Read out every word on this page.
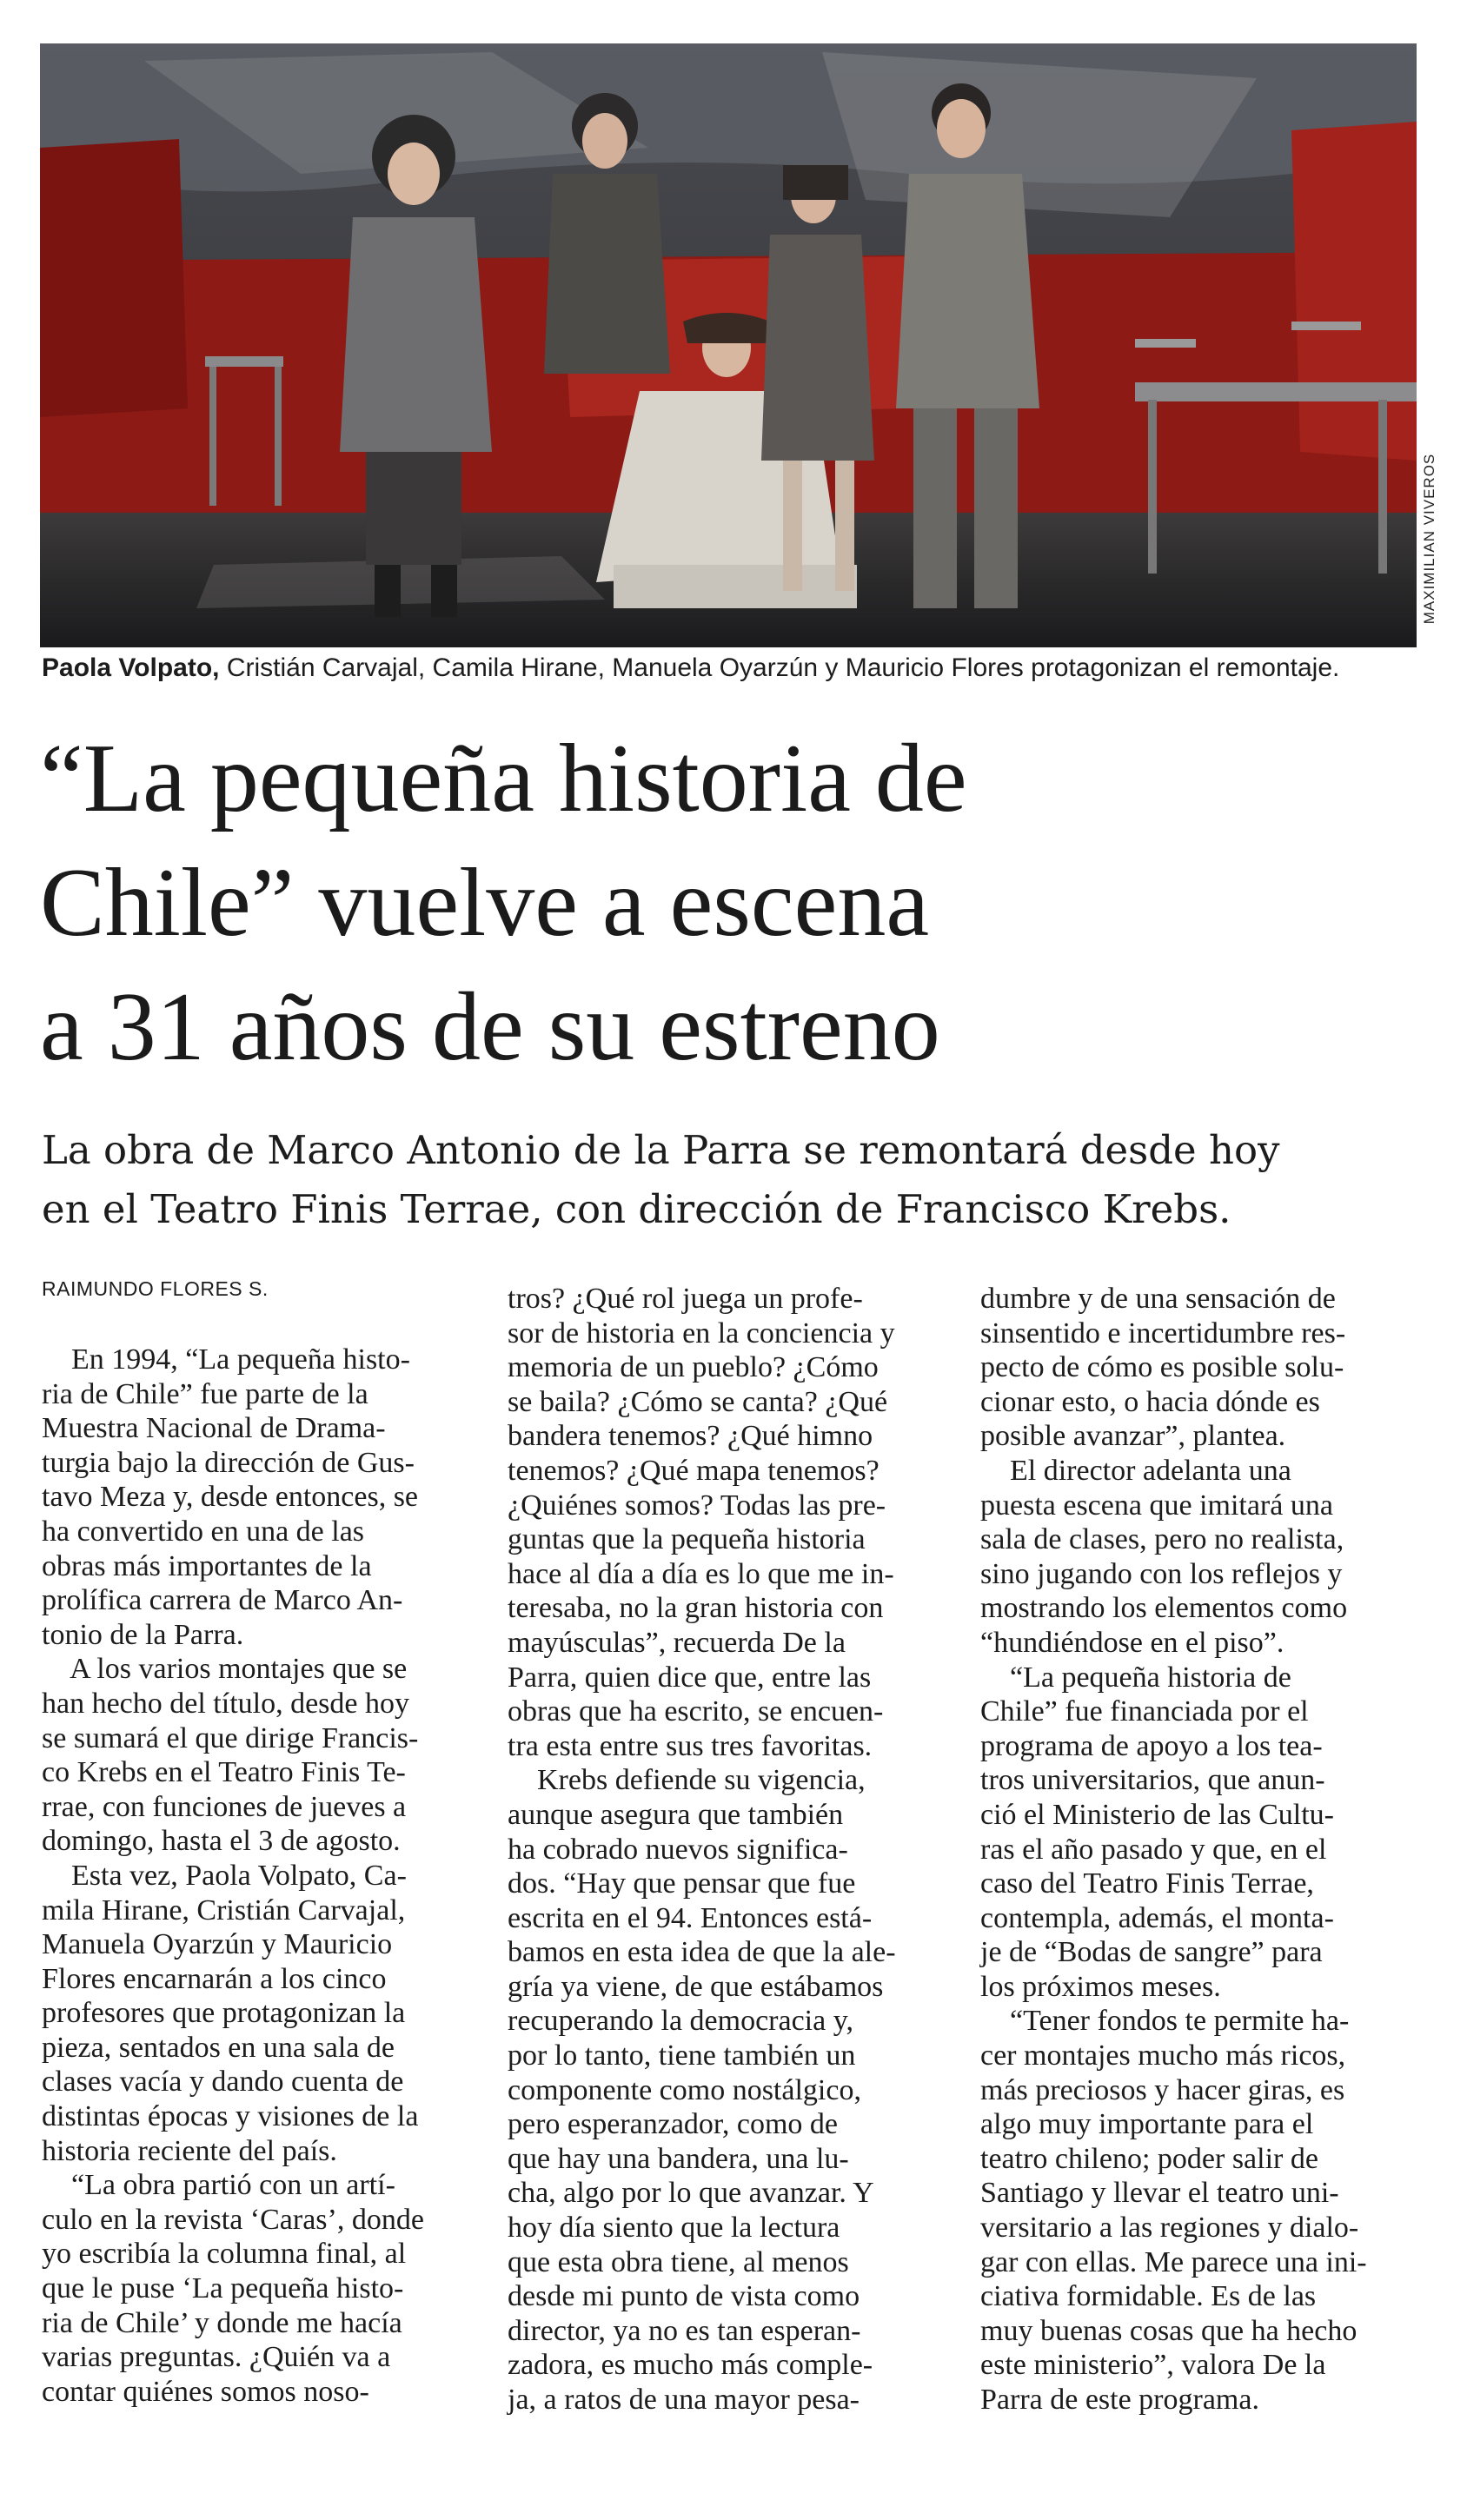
MAXIMILIAN VIVEROS
Paola Volpato, Cristián Carvajal, Camila Hirane, Manuela Oyarzún y Mauricio Flores protagonizan el remontaje.
“La pequeña historia de
Chile” vuelve a escena
a 31 años de su estreno
La obra de Marco Antonio de la Parra se remontará desde hoy
en el Teatro Finis Terrae, con dirección de Francisco Krebs.
RAIMUNDO FLORES S.
En 1994, “La pequeña histo-
ria de Chile” fue parte de la
Muestra Nacional de Drama-
turgia bajo la dirección de Gus-
tavo Meza y, desde entonces, se
ha convertido en una de las
obras más importantes de la
prolífica carrera de Marco An-
tonio de la Parra.
A los varios montajes que se
han hecho del título, desde hoy
se sumará el que dirige Francis-
co Krebs en el Teatro Finis Te-
rrae, con funciones de jueves a
domingo, hasta el 3 de agosto.
Esta vez, Paola Volpato, Ca-
mila Hirane, Cristián Carvajal,
Manuela Oyarzún y Mauricio
Flores encarnarán a los cinco
profesores que protagonizan la
pieza, sentados en una sala de
clases vacía y dando cuenta de
distintas épocas y visiones de la
historia reciente del país.
“La obra partió con un artí-
culo en la revista ‘Caras’, donde
yo escribía la columna final, al
que le puse ‘La pequeña histo-
ria de Chile’ y donde me hacía
varias preguntas. ¿Quién va a
contar quiénes somos noso-
tros? ¿Qué rol juega un profe-
sor de historia en la conciencia y
memoria de un pueblo? ¿Cómo
se baila? ¿Cómo se canta? ¿Qué
bandera tenemos? ¿Qué himno
tenemos? ¿Qué mapa tenemos?
¿Quiénes somos? Todas las pre-
guntas que la pequeña historia
hace al día a día es lo que me in-
teresaba, no la gran historia con
mayúsculas”, recuerda De la
Parra, quien dice que, entre las
obras que ha escrito, se encuen-
tra esta entre sus tres favoritas.
Krebs defiende su vigencia,
aunque asegura que también
ha cobrado nuevos significa-
dos. “Hay que pensar que fue
escrita en el 94. Entonces está-
bamos en esta idea de que la ale-
gría ya viene, de que estábamos
recuperando la democracia y,
por lo tanto, tiene también un
componente como nostálgico,
pero esperanzador, como de
que hay una bandera, una lu-
cha, algo por lo que avanzar. Y
hoy día siento que la lectura
que esta obra tiene, al menos
desde mi punto de vista como
director, ya no es tan esperan-
zadora, es mucho más comple-
ja, a ratos de una mayor pesa-
dumbre y de una sensación de
sinsentido e incertidumbre res-
pecto de cómo es posible solu-
cionar esto, o hacia dónde es
posible avanzar”, plantea.
El director adelanta una
puesta escena que imitará una
sala de clases, pero no realista,
sino jugando con los reflejos y
mostrando los elementos como
“hundiéndose en el piso”.
“La pequeña historia de
Chile” fue financiada por el
programa de apoyo a los tea-
tros universitarios, que anun-
ció el Ministerio de las Cultu-
ras el año pasado y que, en el
caso del Teatro Finis Terrae,
contempla, además, el monta-
je de “Bodas de sangre” para
los próximos meses.
“Tener fondos te permite ha-
cer montajes mucho más ricos,
más preciosos y hacer giras, es
algo muy importante para el
teatro chileno; poder salir de
Santiago y llevar el teatro uni-
versitario a las regiones y dialo-
gar con ellas. Me parece una ini-
ciativa formidable. Es de las
muy buenas cosas que ha hecho
este ministerio”, valora De la
Parra de este programa.
